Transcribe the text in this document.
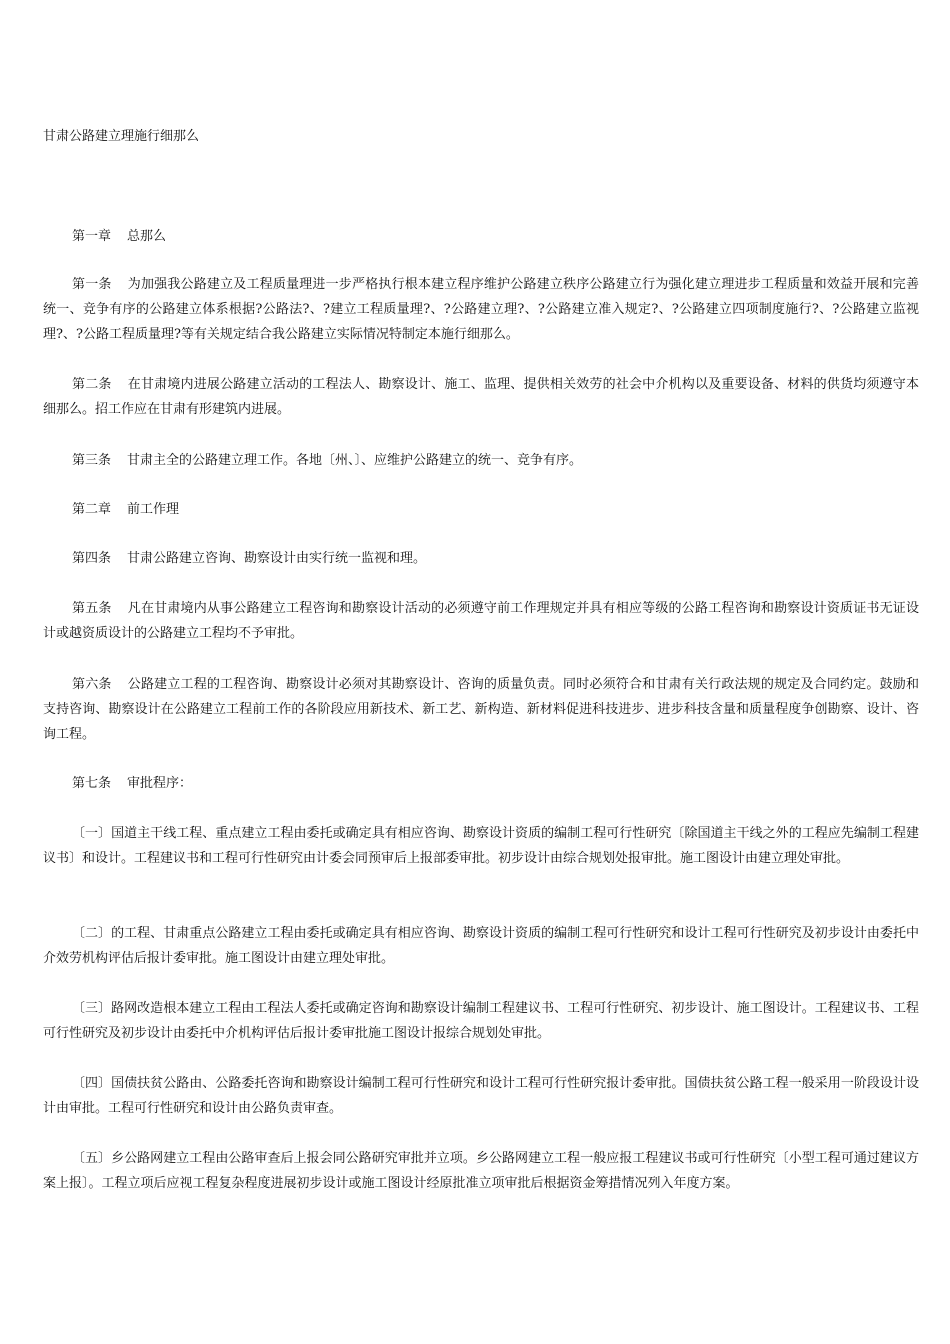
甘肃公路建立理施行细那么

第一章 总那么

第一条 为加强我公路建立及工程质量理进一步严格执行根本建立程序维护公路建立秩序公路建立行为强化建立理进步工程质量和效益开展和完善统一、竞争有序的公路建立体系根据?公路法?、?建立工程质量理?、?公路建立理?、?公路建立准入规定?、?公路建立四项制度施行?、?公路建立监视理?、?公路工程质量理?等有关规定结合我公路建立实际情况特制定本施行细那么。

第二条 在甘肃境内进展公路建立活动的工程法人、勘察设计、施工、监理、提供相关效劳的社会中介机构以及重要设备、材料的供货均须遵守本细那么。招工作应在甘肃有形建筑内进展。

第三条 甘肃主全的公路建立理工作。各地〔州、〕、应维护公路建立的统一、竞争有序。

第二章 前工作理

第四条 甘肃公路建立咨询、勘察设计由实行统一监视和理。

第五条 凡在甘肃境内从事公路建立工程咨询和勘察设计活动的必须遵守前工作理规定并具有相应等级的公路工程咨询和勘察设计资质证书无证设计或越资质设计的公路建立工程均不予审批。

第六条 公路建立工程的工程咨询、勘察设计必须对其勘察设计、咨询的质量负责。同时必须符合和甘肃有关行政法规的规定及合同约定。鼓励和支持咨询、勘察设计在公路建立工程前工作的各阶段应用新技术、新工艺、新构造、新材料促进科技进步、进步科技含量和质量程度争创勘察、设计、咨询工程。

第七条 审批程序：

〔一〕国道主干线工程、重点建立工程由委托或确定具有相应咨询、勘察设计资质的编制工程可行性研究〔除国道主干线之外的工程应先编制工程建议书〕和设计。工程建议书和工程可行性研究由计委会同预审后上报部委审批。初步设计由综合规划处报审批。施工图设计由建立理处审批。

〔二〕的工程、甘肃重点公路建立工程由委托或确定具有相应咨询、勘察设计资质的编制工程可行性研究和设计工程可行性研究及初步设计由委托中介效劳机构评估后报计委审批。施工图设计由建立理处审批。

〔三〕路网改造根本建立工程由工程法人委托或确定咨询和勘察设计编制工程建议书、工程可行性研究、初步设计、施工图设计。工程建议书、工程可行性研究及初步设计由委托中介机构评估后报计委审批施工图设计报综合规划处审批。

〔四〕国债扶贫公路由、公路委托咨询和勘察设计编制工程可行性研究和设计工程可行性研究报计委审批。国债扶贫公路工程一般采用一阶段设计设计由审批。工程可行性研究和设计由公路负责审查。

〔五〕乡公路网建立工程由公路审查后上报会同公路研究审批并立项。乡公路网建立工程一般应报工程建议书或可行性研究〔小型工程可通过建议方案上报〕。工程立项后应视工程复杂程度进展初步设计或施工图设计经原批准立项审批后根据资金筹措情况列入年度方案。
